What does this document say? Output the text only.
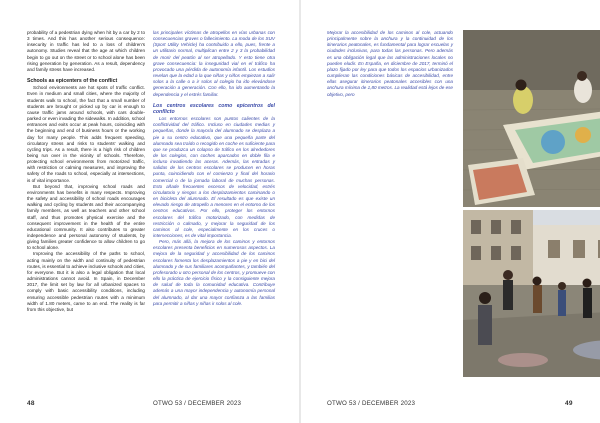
probability of a pedestrian dying when hit by a car by 2 to 3 times. And this has another serious consequence: insecurity in traffic has led to a loss of children's autonomy. Studies reveal that the age at which children begin to go out on the street or to school alone has been rising generation by generation. As a result, dependency and family stress have increased.

Schools as epicenters of the conflict

School environments are hot spots of traffic conflict. Even in medium and small cities, where the majority of students walk to school, the fact that a small number of students are brought or picked up by car is enough to cause traffic jams around schools, with cars double-parked or even invading the sidewalks. In addition, school entrances and exits occur at peak hours, coinciding with the beginning and end of business hours or the working day for many people. This adds frequent speeding, circulatory stress and risks to students' walking and cycling trips. As a result, there is a high risk of children being run over in the vicinity of schools. Therefore, protecting school environments from motorized traffic, with restriction or calming measures, and improving the safety of the roads to school, especially at intersections, is of vital importance.

But beyond that, improving school roads and environments has benefits in many respects. Improving the safety and accessibility of school roads encourages walking and cycling by students and their accompanying family members, as well as teachers and other school staff, and thus promotes physical exercise and the consequent improvement in the health of the entire educational community. It also contributes to greater independence and personal autonomy of students, by giving families greater confidence to allow children to go to school alone.

Improving the accessibility of the paths to school, acting mainly on the width and continuity of pedestrian routes, is essential to achieve inclusive schools and cities, for everyone. But it is also a legal obligation that local administrations cannot avoid. In Spain, in December 2017, the limit set by law for all urbanized spaces to comply with basic accessibility conditions, including ensuring accessible pedestrian routes with a minimum width of 1.80 meters, came to an end. The reality is far from this objective, but

las principales víctimas de atropellos en vías urbanas con consecuencias graves o fallecimiento. La moda de los SUV (Sport Utility Vehicle) ha contribuido a ello, pues, frente a un utilitario normal, multiplican entre 2 y 3 la probabilidad de morir del peatón al ser atropellado. Y esto tiene otra grave consecuencia: la inseguridad vial en el tráfico ha provocado una pérdida de autonomía infantil. Los estudios revelan que la edad a la que niñas y niños empiezan a salir solos a la calle o a ir solos al colegio ha ido elevándose generación a generación. Con ello, ha ido aumentando la dependencia y el estrés familiar.

Los centros escolares como epicentros del conflicto

Los entornos escolares son puntos calientes de la conflictividad del tráfico. Incluso en ciudades medias y pequeñas, donde la mayoría del alumnado se desplaza a pie a su centro educativo, que una pequeña parte del alumnado sea traído o recogido en coche es suficiente para que se produzca un colapso de tráfico en los alrededores de los colegios, con coches aparcados en doble fila e incluso invadiendo las aceras. Además, las entradas y salidas de los centros escolares se producen en horas punta, coincidiendo con el comienzo y final del horario comercial o de la jornada laboral de muchas personas. Esto añade frecuentes excesos de velocidad, estrés circulatorio y riesgos a los desplazamientos caminando o en bicicleta del alumnado. El resultado es que existe un elevado riesgo de atropello a menores en el entorno de los centros educativos. Por ello, proteger los entornos escolares del tráfico motorizado, con medidas de restricción o calmado, y mejorar la seguridad de los caminos al cole, especialmente en los cruces o intersecciones, es de vital importancia.

Pero, más allá, la mejora de los caminos y entornos escolares presenta beneficios en numerosos aspectos. La mejora de la seguridad y accesibilidad de los caminos escolares fomenta los desplazamientos a pie y en bici del alumnado y de sus familiares acompañantes, y también del profesorado u otro personal de los centros, y promueve con ello la práctica de ejercicio físico y la consiguiente mejora de salud de toda la comunidad educativa. Contribuye además a una mayor independencia y autonomía personal del alumnado, al dar una mayor confianza a las familias para permitir a niñas y niñas ir solos al cole.

48	OTWO 53 / DECEMBER 2023

Mejorar la accesibilidad de los caminos al cole, actuando principalmente sobre la anchura y la continuidad de los itinerarios peatonales, es fundamental para lograr escuelas y ciudades inclusivas, para todas las personas. Pero además es una obligación legal que las administraciones locales no pueden eludir. En España, en diciembre de 2017, terminó el plazo fijado por ley para que todos los espacios urbanizados cumplieran las condiciones básicas de accesibilidad, entre ellas asegurar itinerarios peatonales accesibles con una anchura mínima de 1,80 metros. La realidad está lejos de ese objetivo, pero

OTWO 53 / DECEMBER 2023	49
